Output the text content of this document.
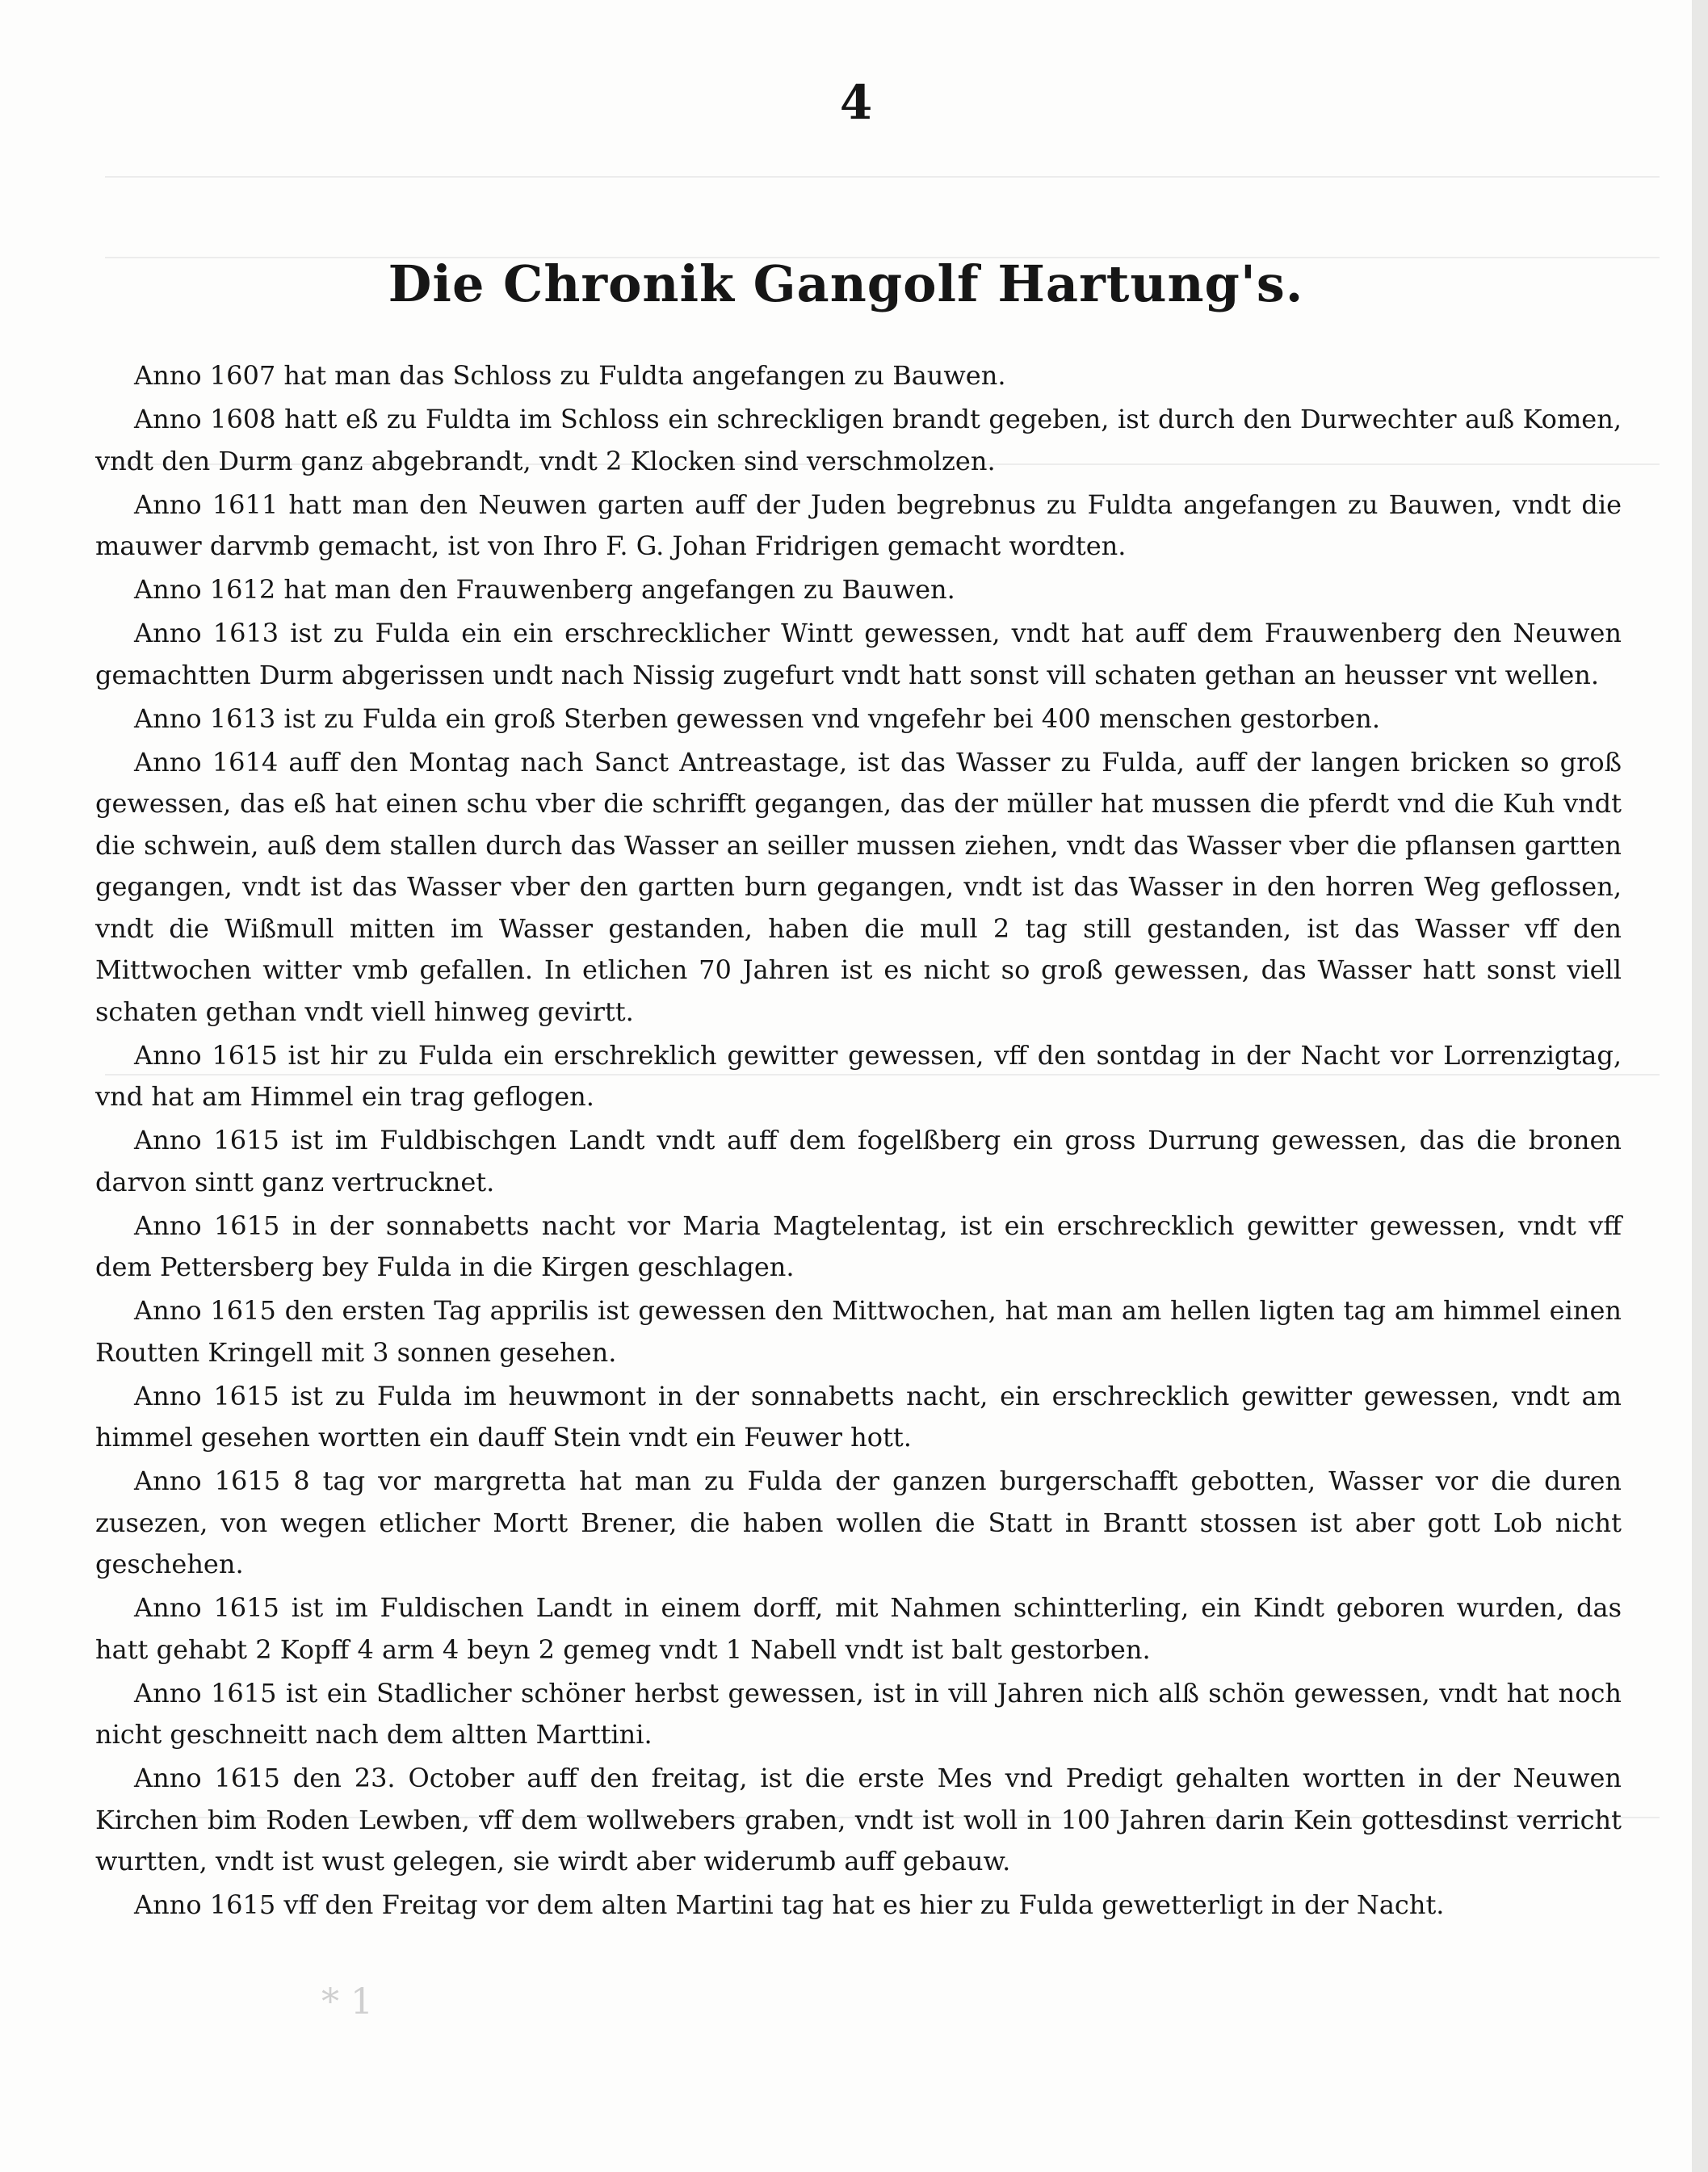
4
Die Chronik Gangolf Hartung's.

Anno 1607 hat man das Schloss zu Fuldta angefangen zu Bauwen.

Anno 1608 hatt eß zu Fuldta im Schloss ein schreckligen brandt gegeben, ist durch den Durwechter auß Komen, vndt den Durm ganz abgebrandt, vndt 2 Klocken sind verschmolzen.

Anno 1611 hatt man den Neuwen garten auff der Juden begrebnus zu Fuldta angefangen zu Bauwen, vndt die mauwer darvmb gemacht, ist von Ihro F. G. Johan Fridrigen gemacht wordten.

Anno 1612 hat man den Frauwenberg angefangen zu Bauwen.

Anno 1613 ist zu Fulda ein ein erschrecklicher Wintt gewessen, vndt hat auff dem Frauwenberg den Neuwen gemachtten Durm abgerissen undt nach Nissig zugefurt vndt hatt sonst vill schaten gethan an heusser vnt wellen.

Anno 1613 ist zu Fulda ein groß Sterben gewessen vnd vngefehr bei 400 menschen gestorben.

Anno 1614 auff den Montag nach Sanct Antreastage, ist das Wasser zu Fulda, auff der langen bricken so groß gewessen, das eß hat einen schu vber die schrifft gegangen, das der müller hat mussen die pferdt vnd die Kuh vndt die schwein, auß dem stallen durch das Wasser an seiller mussen ziehen, vndt das Wasser vber die pflansen gartten gegangen, vndt ist das Wasser vber den gartten burn gegangen, vndt ist das Wasser in den horren Weg geflossen, vndt die Wißmull mitten im Wasser gestanden, haben die mull 2 tag still gestanden, ist das Wasser vff den Mittwochen witter vmb gefallen. In etlichen 70 Jahren ist es nicht so groß gewessen, das Wasser hatt sonst viell schaten gethan vndt viell hinweg gevirtt.

Anno 1615 ist hir zu Fulda ein erschreklich gewitter gewessen, vff den sontdag in der Nacht vor Lorrenzigtag, vnd hat am Himmel ein trag geflogen.

Anno 1615 ist im Fuldbischgen Landt vndt auff dem fogelßberg ein gross Durrung gewessen, das die bronen darvon sintt ganz vertrucknet.

Anno 1615 in der sonnabetts nacht vor Maria Magtelentag, ist ein erschrecklich gewitter gewessen, vndt vff dem Pettersberg bey Fulda in die Kirgen geschlagen.

Anno 1615 den ersten Tag apprilis ist gewessen den Mittwochen, hat man am hellen ligten tag am himmel einen Routten Kringell mit 3 sonnen gesehen.

Anno 1615 ist zu Fulda im heuwmont in der sonnabetts nacht, ein erschrecklich gewitter gewessen, vndt am himmel gesehen wortten ein dauff Stein vndt ein Feuwer hott.

Anno 1615 8 tag vor margretta hat man zu Fulda der ganzen burgerschafft gebotten, Wasser vor die duren zusezen, von wegen etlicher Mortt Brener, die haben wollen die Statt in Brantt stossen ist aber gott Lob nicht geschehen.

Anno 1615 ist im Fuldischen Landt in einem dorff, mit Nahmen schintterling, ein Kindt geboren wurden, das hatt gehabt 2 Kopff 4 arm 4 beyn 2 gemeg vndt 1 Nabell vndt ist balt gestorben.

Anno 1615 ist ein Stadlicher schöner herbst gewessen, ist in vill Jahren nich alß schön gewessen, vndt hat noch nicht geschneitt nach dem altten Marttini.

Anno 1615 den 23. October auff den freitag, ist die erste Mes vnd Predigt gehalten wortten in der Neuwen Kirchen bim Roden Lewben, vff dem wollwebers graben, vndt ist woll in 100 Jahren darin Kein gottesdinst verricht wurtten, vndt ist wust gelegen, sie wirdt aber widerumb auff gebauw.

Anno 1615 vff den Freitag vor dem alten Martini tag hat es hier zu Fulda gewetterligt in der Nacht.

* 1
